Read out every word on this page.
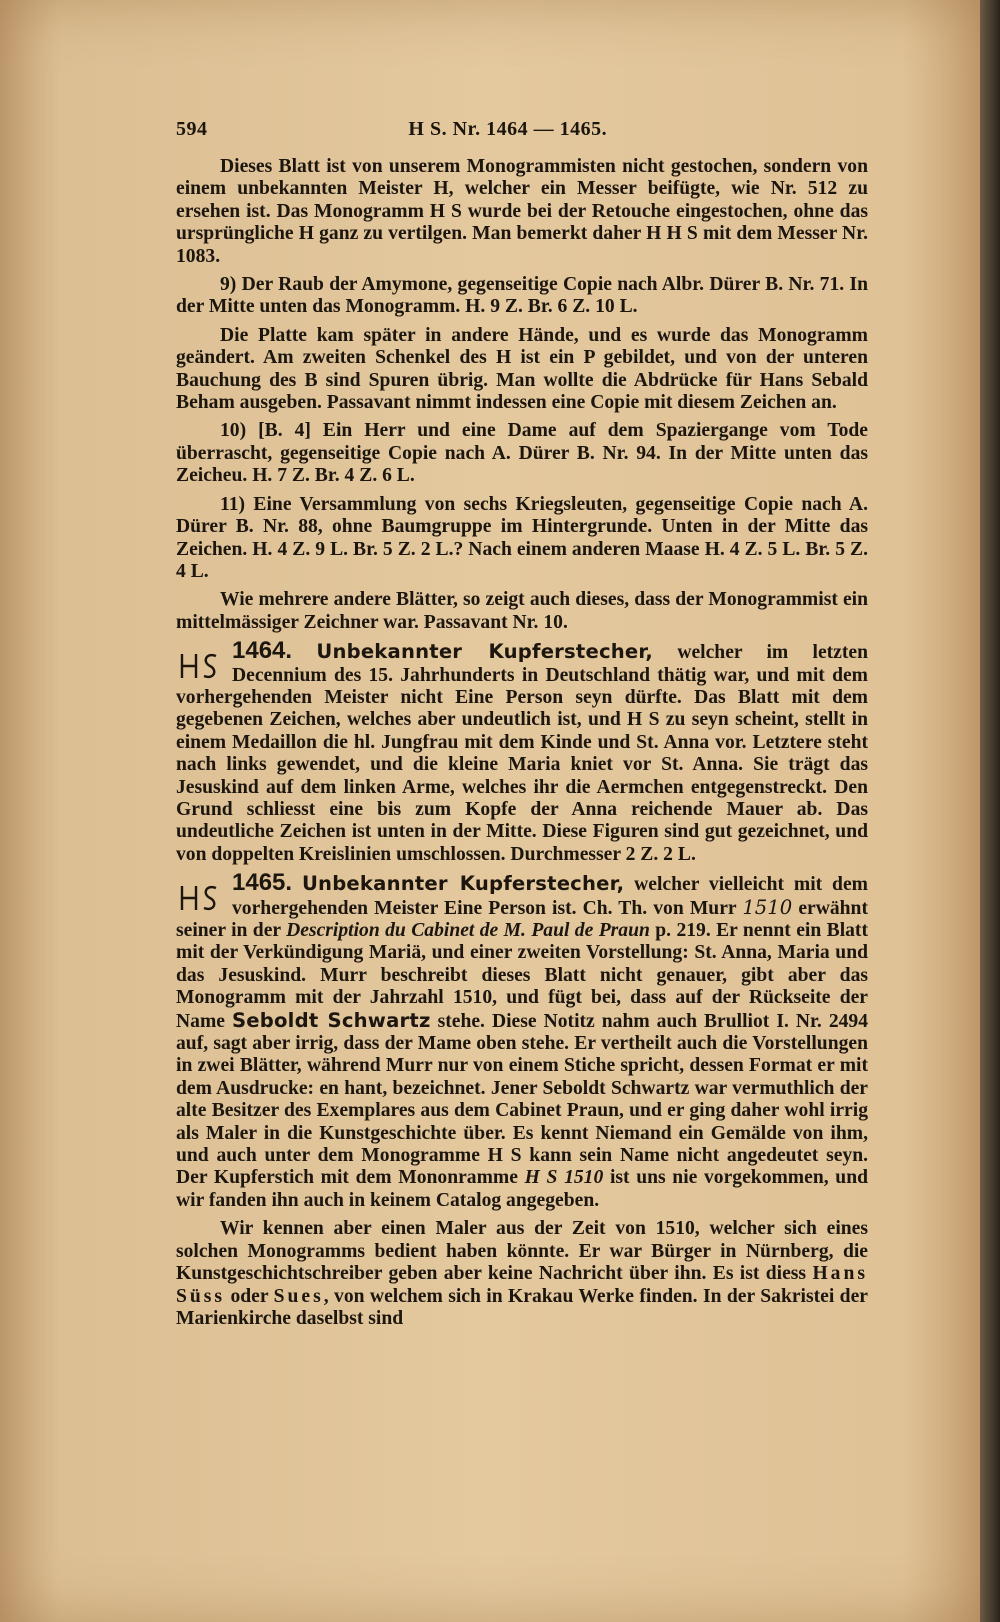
594	H S. Nr. 1464 — 1465.

Dieses Blatt ist von unserem Monogrammisten nicht gestochen, sondern von einem unbekannten Meister H, welcher ein Messer beifügte, wie Nr. 512 zu ersehen ist. Das Monogramm H S wurde bei der Retouche eingestochen, ohne das ursprüngliche H ganz zu vertilgen. Man bemerkt daher H H S mit dem Messer Nr. 1083.

9) Der Raub der Amymone, gegenseitige Copie nach Albr. Dürer B. Nr. 71. In der Mitte unten das Monogramm. H. 9 Z. Br. 6 Z. 10 L.

Die Platte kam später in andere Hände, und es wurde das Monogramm geändert. Am zweiten Schenkel des H ist ein P gebildet, und von der unteren Bauchung des B sind Spuren übrig. Man wollte die Abdrücke für Hans Sebald Beham ausgeben. Passavant nimmt indessen eine Copie mit diesem Zeichen an.

10) [B. 4] Ein Herr und eine Dame auf dem Spaziergange vom Tode überrascht, gegenseitige Copie nach A. Dürer B. Nr. 94. In der Mitte unten das Zeicheu. H. 7 Z. Br. 4 Z. 6 L.

11) Eine Versammlung von sechs Kriegsleuten, gegenseitige Copie nach A. Dürer B. Nr. 88, ohne Baumgruppe im Hintergrunde. Unten in der Mitte das Zeichen. H. 4 Z. 9 L. Br. 5 Z. 2 L.? Nach einem anderen Maase H. 4 Z. 5 L. Br. 5 Z. 4 L.

Wie mehrere andere Blätter, so zeigt auch dieses, dass der Monogrammist ein mittelmässiger Zeichner war. Passavant Nr. 10.

1464. Unbekannter Kupferstecher, welcher im letzten Decennium des 15. Jahrhunderts in Deutschland thätig war, und mit dem vorhergehenden Meister nicht Eine Person seyn dürfte. Das Blatt mit dem gegebenen Zeichen, welches aber undeutlich ist, und H S zu seyn scheint, stellt in einem Medaillon die hl. Jungfrau mit dem Kinde und St. Anna vor. Letztere steht nach links gewendet, und die kleine Maria kniet vor St. Anna. Sie trägt das Jesuskind auf dem linken Arme, welches ihr die Aermchen entgegenstreckt. Den Grund schliesst eine bis zum Kopfe der Anna reichende Mauer ab. Das undeutliche Zeichen ist unten in der Mitte. Diese Figuren sind gut gezeichnet, und von doppelten Kreislinien umschlossen. Durchmesser 2 Z. 2 L.
1465. Unbekannter Kupferstecher, welcher vielleicht mit dem vorhergehenden Meister Eine Person ist. Ch. Th. von Murr 1510 erwähnt seiner in der Description du Cabinet de M. Paul de Praun p. 219. Er nennt ein Blatt mit der Verkündigung Mariä, und einer zweiten Vorstellung: St. Anna, Maria und das Jesuskind. Murr beschreibt dieses Blatt nicht genauer, gibt aber das Monogramm mit der Jahrzahl 1510, und fügt bei, dass auf der Rückseite der Name Seboldt Schwartz stehe. Diese Notitz nahm auch Brulliot I. Nr. 2494 auf, sagt aber irrig, dass der Mame oben stehe. Er vertheilt auch die Vorstellungen in zwei Blätter, während Murr nur von einem Stiche spricht, dessen Format er mit dem Ausdrucke: en hant, bezeichnet. Jener Seboldt Schwartz war vermuthlich der alte Besitzer des Exemplares aus dem Cabinet Praun, und er ging daher wohl irrig als Maler in die Kunstgeschichte über. Es kennt Niemand ein Gemälde von ihm, und auch unter dem Monogramme H S kann sein Name nicht angedeutet seyn. Der Kupferstich mit dem Mononramme H S 1510 ist uns nie vorgekommen, und wir fanden ihn auch in keinem Catalog angegeben.

Wir kennen aber einen Maler aus der Zeit von 1510, welcher sich eines solchen Monogramms bedient haben könnte. Er war Bürger in Nürnberg, die Kunstgeschichtschreiber geben aber keine Nachricht über ihn. Es ist diess Hans Süss oder Sues, von welchem sich in Krakau Werke finden. In der Sakristei der Marienkirche daselbst sind
